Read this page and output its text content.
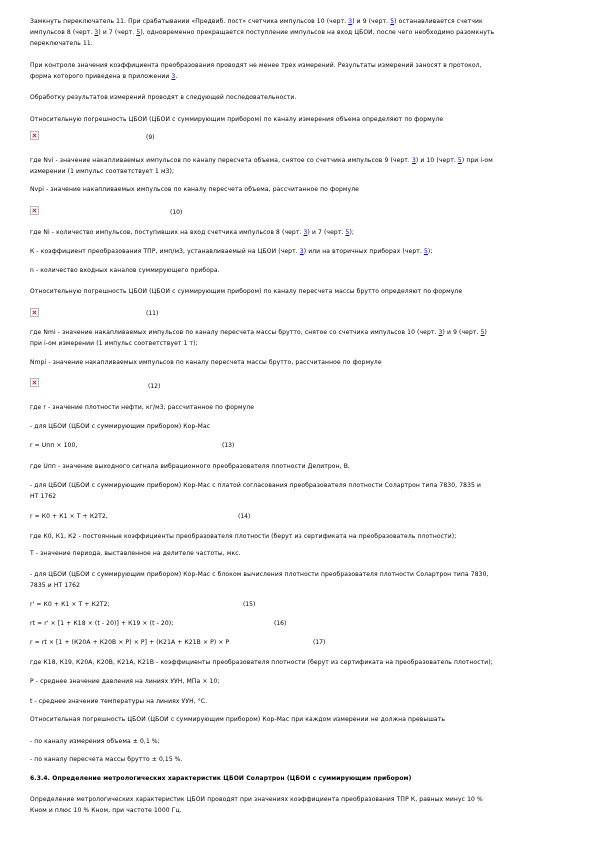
Замкнуть переключатель 11. При срабатывании «Предвиб. пост» счетчика импульсов 10 (черт. 3) и 9 (черт. 5) останавливается счетчик
импульсов 8 (черт. 3) и 7 (черт. 5), одновременно прекращается поступление импульсов на вход ЦБОИ, после чего необходимо разомкнуть
переключатель 11.
При контроле значения коэффициента преобразования проводят не менее трех измерений. Результаты измерений заносят в протокол,
форма которого приведена в приложении 3.
Обработку результатов измерений проводят в следующей последовательности.
Относительную погрешность ЦБОИ (ЦБОИ с суммирующим прибором) по каналу измерения объема определяют по формуле
где Nvi - значение накапливаемых импульсов по каналу пересчета объема, снятое со счетчика импульсов 9 (черт. 3) и 10 (черт. 5) при i-ом
измерении (1 импульс соответствует 1 м3);
Nvpi - значение накапливаемых импульсов по каналу пересчета объема, рассчитанное по формуле
где Ni - количество импульсов, поступивших на вход счетчика импульсов 8 (черт. 3) и 7 (черт. 5);
К - коэффициент преобразования ТПР, имп/м3, устанавливаемый на ЦБОИ (черт. 3) или на вторичных приборах (черт. 5);
n - количество входных каналов суммирующего прибора.
Относительную погрешность ЦБОИ (ЦБОИ с суммирующим прибором) по каналу пересчета массы брутто определяют по формуле
где Nmi - значение накапливаемых импульсов по каналу пересчета массы брутто, снятое со счетчика импульсов 10 (черт. 3) и 9 (черт. 5)
при i-ом измерении (1 импульс соответствует 1 т);
Nmpi - значение накапливаемых импульсов по каналу пересчета массы брутто, рассчитанное по формуле
где r - значение плотности нефти, кг/м3, рассчитанное по формуле
- для ЦБОИ (ЦБОИ с суммирующим прибором) Кор-Мас
r = Uпп × 100,
где Uпп - значение выходного сигнала вибрационного преобразователя плотности Делитрон, В.
- для ЦБОИ (ЦБОИ с суммирующим прибором) Кор-Мас с платой согласования преобразователя плотности Солартрон типа 7830, 7835 и
НТ 1762
r = К0 + К1 × Т + К2Т2,
где К0, К1, К2 - постоянные коэффициенты преобразователя плотности (берут из сертификата на преобразователь плотности);
Т - значение периода, выставленное на делителе частоты, мкс.
- для ЦБОИ (ЦБОИ с суммирующим прибором) Кор-Мас с блоком вычисления плотности преобразователя плотности Солартрон типа 7830,
7835 и НТ 1762
r' = К0 + К1 × Т + К2Т2;
rt = r' × [1 + К18 × (t - 20)] + К19 × (t - 20);
r = rt × [1 + (К20А + К20В × Р) × Р] + (К21А + К21В × Р) × Р
где К18, К19, К20А, К20В, К21А, К21В - коэффициенты преобразователя плотности (берут из сертификата на преобразователь плотности);
Р - среднее значение давления на линиях УУН, МПа × 10;
t - среднее значение температуры на линиях УУН, °С.
Относительная погрешность ЦБОИ (ЦБОИ с суммирующим прибором) Кор-Мас при каждом измерении не должна превышать
- по каналу измерения объема ± 0,1 %;
- по каналу пересчета массы брутто ± 0,15 %.
6.3.4. Определение метрологических характеристик ЦБОИ Солартрон (ЦБОИ с суммирующим прибором)
Определение метрологических характеристик ЦБОИ проводят при значениях коэффициента преобразования ТПР К, равных минус 10 %
Кном и плюс 10 % Кном, при частоте 1000 Гц.
(9)
(10)
(11)
(12)
(13)
(14)
(15)
(16)
(17)
